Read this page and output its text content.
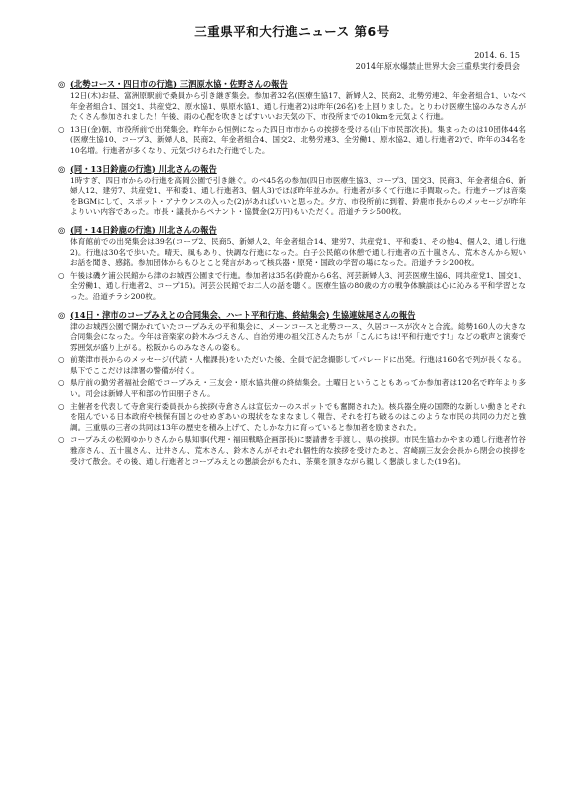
三重県平和大行進ニュース 第6号
2014. 6. 15
2014年原水爆禁止世界大会三重県実行委員会
◎ (北勢コース・四日市の行進) 三泗原水協・佐野さんの報告
12日(木)お昼、富洲原駅前で桑員から引き継ぎ集会。参加者32名(医療生協17、新婦人2、民商2、北勢労連2、年金者組合1、いなべ年金者組合1、国交1、共産党2、原水協1、県原水協1、通し行進者2)は昨年(26名)を上回りました。とりわけ医療生協のみなさんがたくさん参加されました！午後、雨の心配を吹きとばすいいお天気の下、市役所までの10kmを元気よく行進。
○ 13日(金)朝、市役所前で出発集会。昨年から恒例になった四日市市からの挨拶を受ける(山下市民部次長)。集まったのは10団体44名(医療生協10、コープ3、新婦人8、民商2、年金者組合4、国交2、北勢労連3、全労働1、原水協2、通し行進者2)で、昨年の34名を10名増。行進者が多くなり、元気づけられた行進でした。
◎ (同・13日鈴鹿の行進) 川北さんの報告
1時すぎ、四日市からの行進を高岡公園で引き継ぐ。のべ45名の参加(四日市医療生協3、コープ3、国交3、民商3、年金者組合6、新婦人12、建労7、共産党1、平和委1、通し行進者3、個人3)でほぼ昨年並みか。行進者が多くて行進に手間取った。行進テープは音楽をBGMにして、スポット・アナウンスの入った(2)があればいいと思った。夕方、市役所前に到着、鈴鹿市長からのメッセージが昨年よりいい内容であった。市長・議長からペナント・協賛金(2万円)もいただく。沿道チラシ500枚。
◎ (同・14日鈴鹿の行進) 川北さんの報告
体育館前での出発集会は39名(コープ2、民商5、新婦人2、年金者組合14、建労7、共産党1、平和委1、その他4、個人2、通し行進2)。行進は30名で歩いた。晴天、風もあり、快調な行進になった。白子公民館の休憩で通し行進者の五十嵐さん、荒木さんから短い お話を聞き、感銘。参加団体からもひとこと発言があって核兵器・原発・国政の学習の場になった。沿道チラシ200枚。
○ 午後は磯ケ浦公民館から津のお城西公園まで行進。参加者は35名(鈴鹿から6名、河芸新婦人3、河芸医療生協6、同共産党1、国交1、全労働1、通し行進者2、コープ15)。河芸公民館でお二人の話を聴く。医療生協の80歳の方の戦争体験談は心に沁みる平和学習となった。沿道チラシ200枚。
◎ (14日・津市のコープみえとの合同集会、ハート平和行進、終結集会) 生協連妹尾さんの報告
津のお城西公園で開かれていたコープみえの平和集会に、メーンコースと北勢コース、久居コースが次々と合流。総勢160人の大きな合同集会になった。今年は音楽家の鈴木みづえさん、自治労連の祖父江さんたちが「こんにちは!平和行進です!」などの歌声と演奏で雰囲気が盛り上がる。松阪からのみなさんの姿も。
○ 前葉津市長からのメッセージ(代読・人権課長)をいただいた後、全員で記念撮影してパレードに出発。行進は160名で列が長くなる。県下でここだけは津署の警備が付く。
○ 県庁前の勤労者福祉会館でコープみえ・三友会・原水協共催の終結集会。土曜日ということもあってか参加者は120名で昨年より多い。司会は新婦人平和部の竹田朋子さん。
○ 主催者を代表して寺倉実行委員長から挨拶(寺倉さんは宣伝カーのスポットでも奮闘された)。核兵器全廃の国際的な新しい動きとそれを阻んでいる日本政府や核保有国とのせめぎあいの現状をなまなましく報告、それを打ち破るのはこのような市民の共同の力だと強調。三重県の三者の共同は13年の歴史を積み上げて、たしかな力に育っていると参加者を励まされた。
○ コープみえの松岡ゆかりさんから県知事(代理・福田戦略企画部長)に要請書を手渡し、県の挨拶。市民生協わかやまの通し行進者竹谷雅彦さん、五十嵐さん、辻井さん、荒木さん、鈴木さんがそれぞれ個性的な挨拶を受けたあと、宮崎副三友会会長から閉会の挨拶を受けて散会。その後、通し行進者とコープみえとの懇談会がもたれ、茶菓を頂きながら親しく懇談しました(19名)。
